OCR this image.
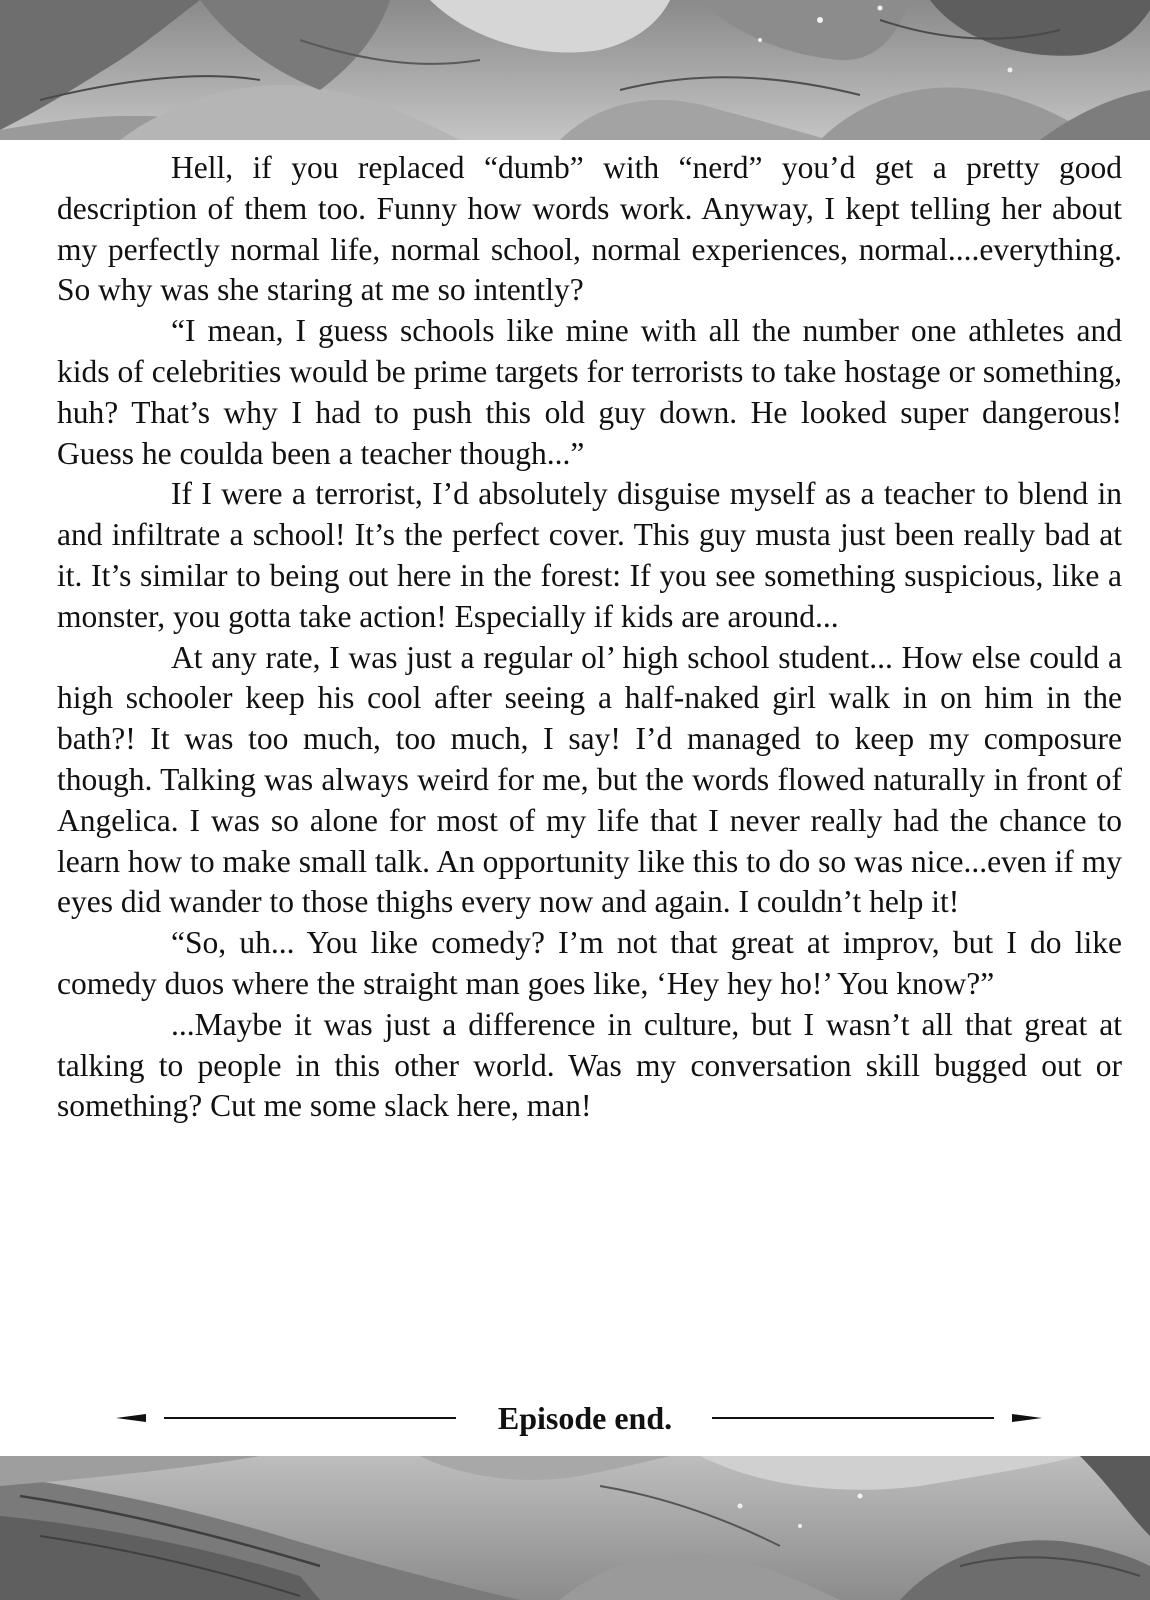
Hell, if you replaced “dumb” with “nerd” you’d get a pretty good description of them too. Funny how words work. Anyway, I kept telling her about my perfectly normal life, normal school, normal experiences, normal....everything. So why was she staring at me so intently?

“I mean, I guess schools like mine with all the number one athletes and kids of celebrities would be prime targets for terrorists to take hostage or something, huh? That’s why I had to push this old guy down. He looked super dangerous! Guess he coulda been a teacher though...”

If I were a terrorist, I’d absolutely disguise myself as a teacher to blend in and infiltrate a school! It’s the perfect cover. This guy musta just been really bad at it. It’s similar to being out here in the forest: If you see something suspicious, like a monster, you gotta take action! Especially if kids are around...

At any rate, I was just a regular ol’ high school student... How else could a high schooler keep his cool after seeing a half-naked girl walk in on him in the bath?! It was too much, too much, I say! I’d managed to keep my composure though. Talking was always weird for me, but the words flowed naturally in front of Angelica. I was so alone for most of my life that I never really had the chance to learn how to make small talk. An opportunity like this to do so was nice...even if my eyes did wander to those thighs every now and again. I couldn’t help it!

“So, uh... You like comedy? I’m not that great at improv, but I do like comedy duos where the straight man goes like, ‘Hey hey ho!’ You know?”

...Maybe it was just a difference in culture, but I wasn’t all that great at talking to people in this other world. Was my conversation skill bugged out or something? Cut me some slack here, man!

Episode end.
